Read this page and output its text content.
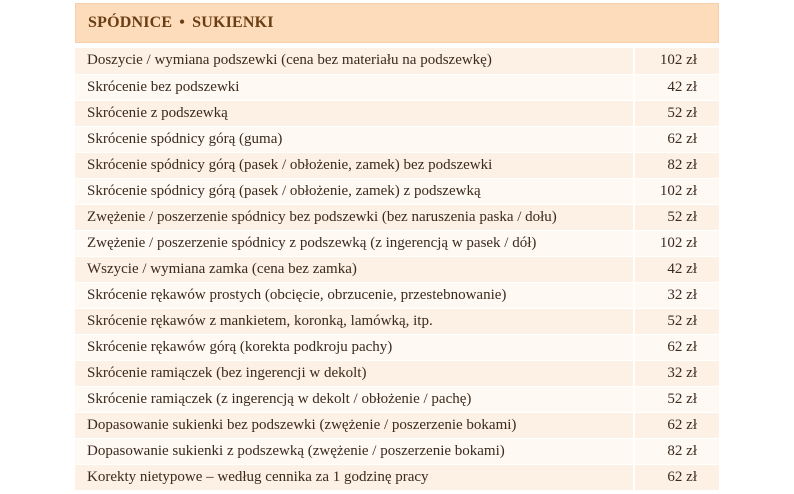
SPÓDNICE • SUKIENKI
Doszycie / wymiana podszewki (cena bez materiału na podszewkę)	102 zł
Skrócenie bez podszewki	42 zł
Skrócenie z podszewką	52 zł
Skrócenie spódnicy górą (guma)	62 zł
Skrócenie spódnicy górą (pasek / obłożenie, zamek) bez podszewki	82 zł
Skrócenie spódnicy górą (pasek / obłożenie, zamek) z podszewką	102 zł
Zwężenie / poszerzenie spódnicy bez podszewki (bez naruszenia paska / dołu)	52 zł
Zwężenie / poszerzenie spódnicy z podszewką (z ingerencją w pasek / dół)	102 zł
Wszycie / wymiana zamka (cena bez zamka)	42 zł
Skrócenie rękawów prostych (obcięcie, obrzucenie, przestebnowanie)	32 zł
Skrócenie rękawów z mankietem, koronką, lamówką, itp.	52 zł
Skrócenie rękawów górą (korekta podkroju pachy)	62 zł
Skrócenie ramiączek (bez ingerencji w dekolt)	32 zł
Skrócenie ramiączek (z ingerencją w dekolt / obłożenie / pachę)	52 zł
Dopasowanie sukienki bez podszewki (zwężenie / poszerzenie bokami)	62 zł
Dopasowanie sukienki z podszewką (zwężenie / poszerzenie bokami)	82 zł
Korekty nietypowe – według cennika za 1 godzinę pracy	62 zł
